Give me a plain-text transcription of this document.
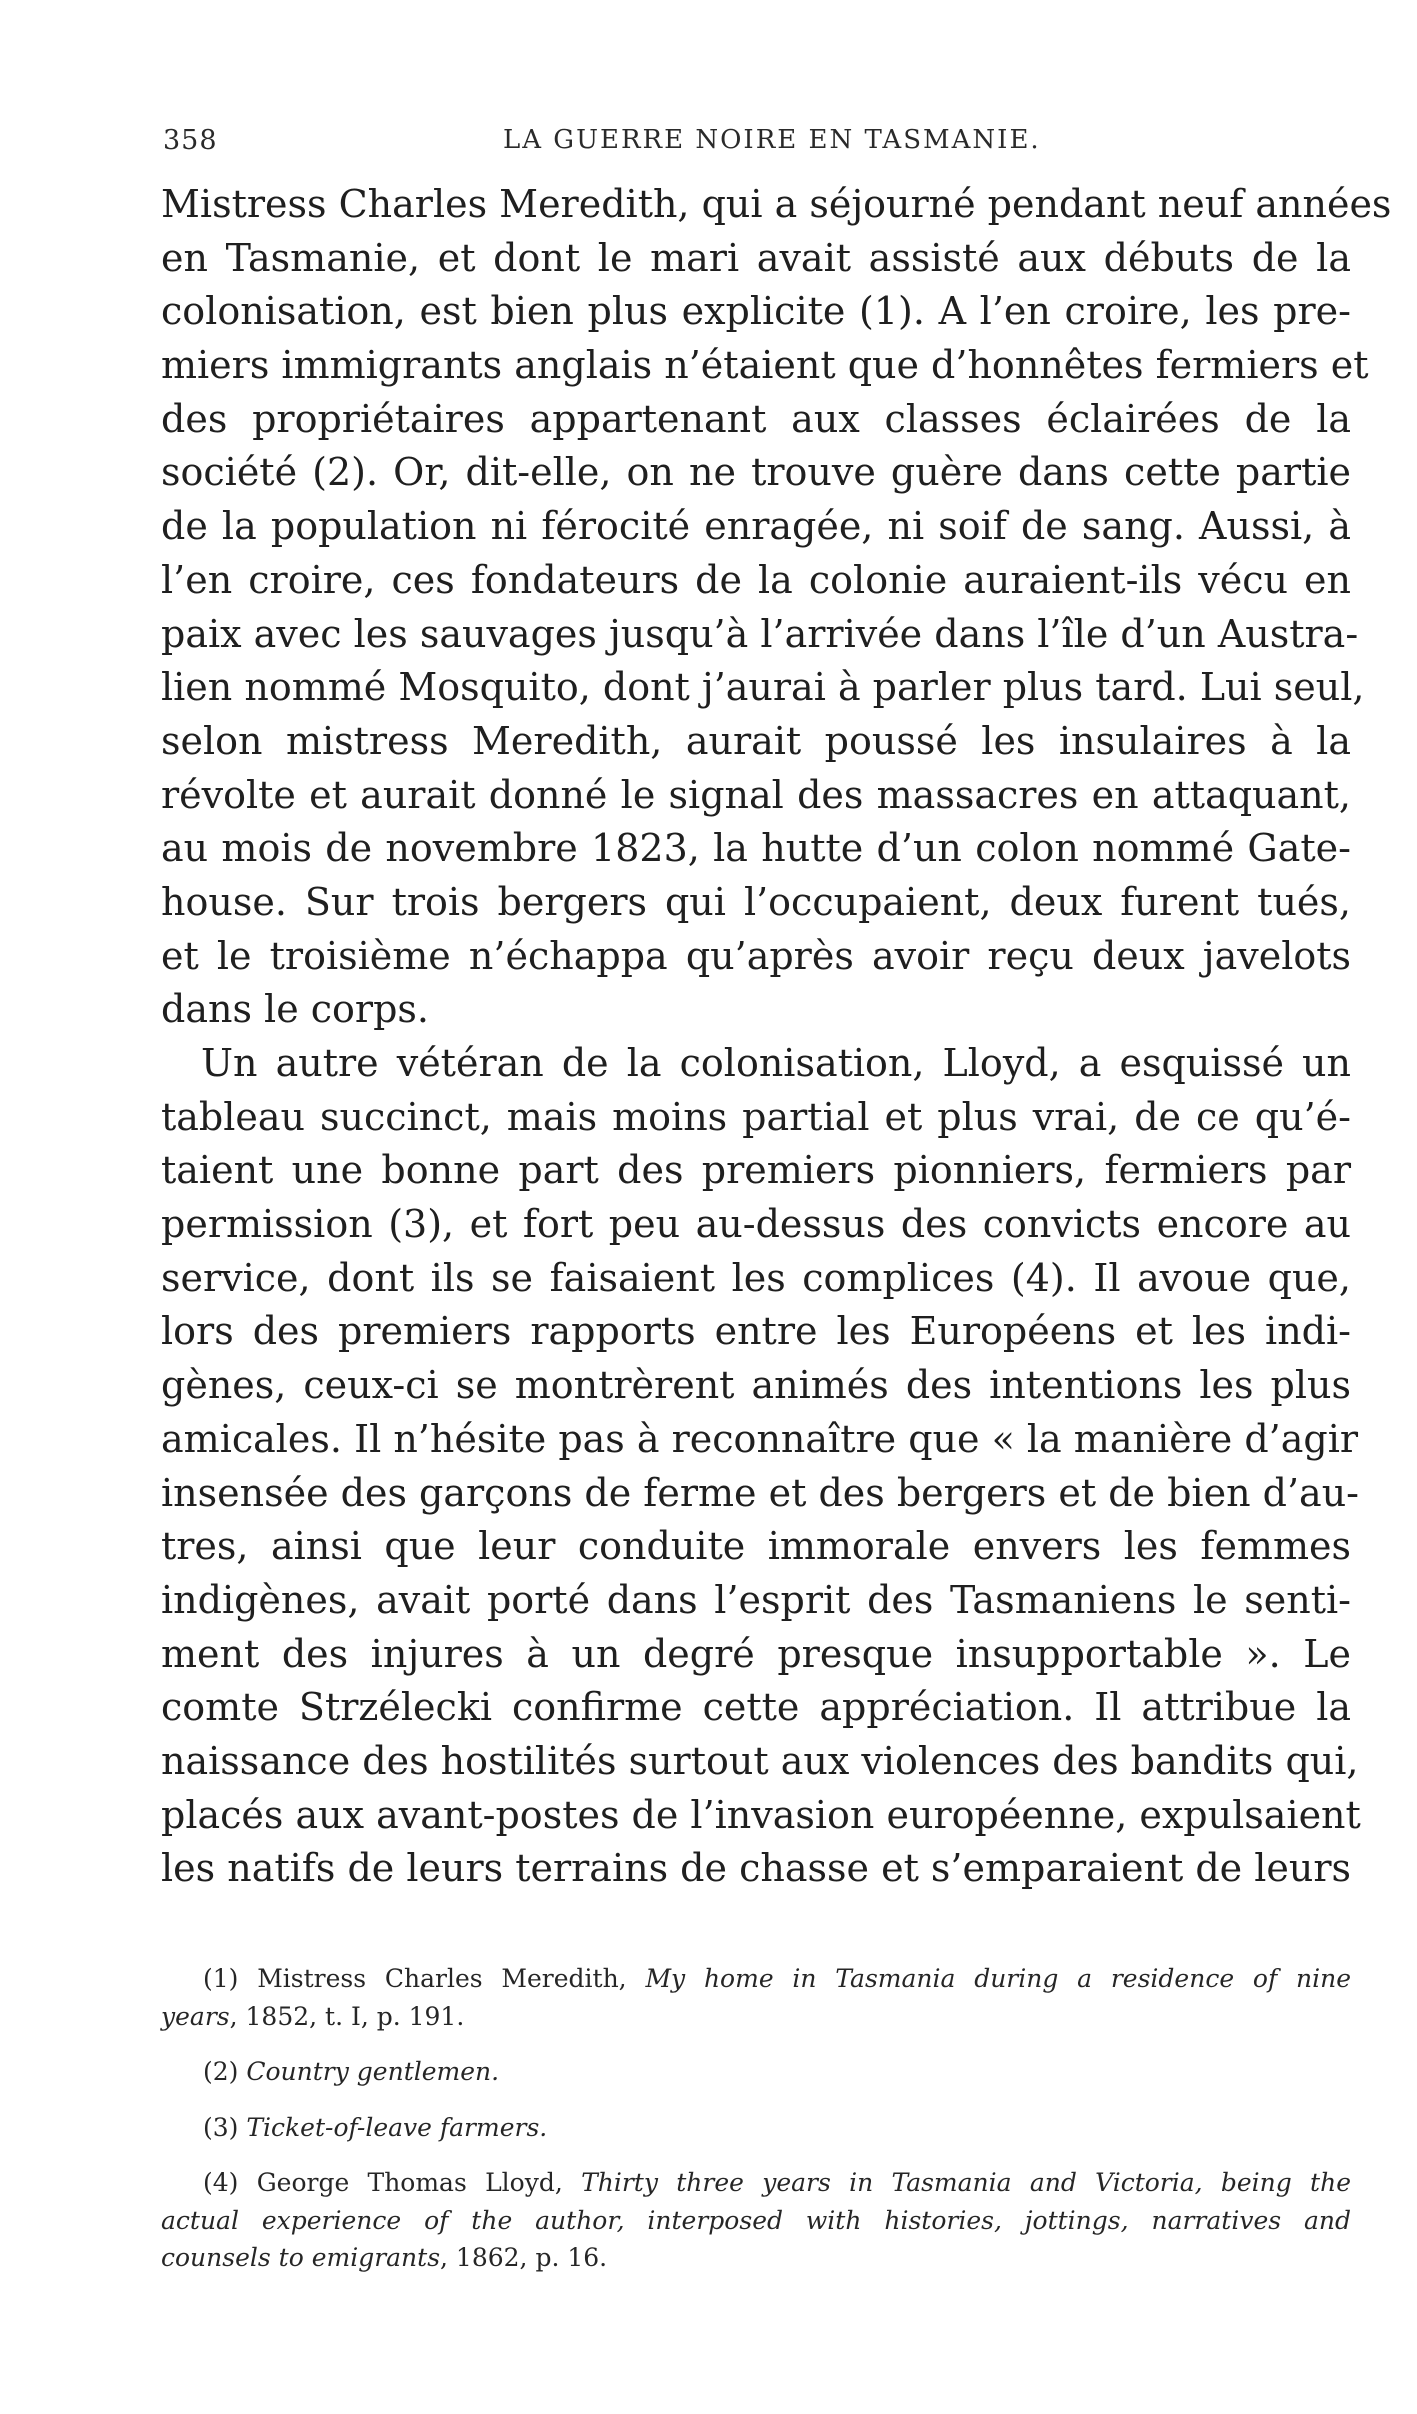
358	LA GUERRE NOIRE EN TASMANIE.
Mistress Charles Meredith, qui a séjourné pendant neuf années
en Tasmanie, et dont le mari avait assisté aux débuts de la
colonisation, est bien plus explicite (1). A l’en croire, les pre-
miers immigrants anglais n’étaient que d’honnêtes fermiers et
des propriétaires appartenant aux classes éclairées de la
société (2). Or, dit-elle, on ne trouve guère dans cette partie
de la population ni férocité enragée, ni soif de sang. Aussi, à
l’en croire, ces fondateurs de la colonie auraient-ils vécu en
paix avec les sauvages jusqu’à l’arrivée dans l’île d’un Austra-
lien nommé Mosquito, dont j’aurai à parler plus tard. Lui seul,
selon mistress Meredith, aurait poussé les insulaires à la
révolte et aurait donné le signal des massacres en attaquant,
au mois de novembre 1823, la hutte d’un colon nommé Gate-
house. Sur trois bergers qui l’occupaient, deux furent tués,
et le troisième n’échappa qu’après avoir reçu deux javelots
dans le corps.
Un autre vétéran de la colonisation, Lloyd, a esquissé un
tableau succinct, mais moins partial et plus vrai, de ce qu’é-
taient une bonne part des premiers pionniers, fermiers par
permission (3), et fort peu au-dessus des convicts encore au
service, dont ils se faisaient les complices (4). Il avoue que,
lors des premiers rapports entre les Européens et les indi-
gènes, ceux-ci se montrèrent animés des intentions les plus
amicales. Il n’hésite pas à reconnaître que « la manière d’agir
insensée des garçons de ferme et des bergers et de bien d’au-
tres, ainsi que leur conduite immorale envers les femmes
indigènes, avait porté dans l’esprit des Tasmaniens le senti-
ment des injures à un degré presque insupportable ». Le
comte Strzélecki confirme cette appréciation. Il attribue la
naissance des hostilités surtout aux violences des bandits qui,
placés aux avant-postes de l’invasion européenne, expulsaient
les natifs de leurs terrains de chasse et s’emparaient de leurs
(1) Mistress Charles Meredith, My home in Tasmania during a residence of nine
years, 1852, t. I, p. 191.
(2) Country gentlemen.
(3) Ticket-of-leave farmers.
(4) George Thomas Lloyd, Thirty three years in Tasmania and Victoria, being the
actual experience of the author, interposed with histories, jottings, narratives and
counsels to emigrants, 1862, p. 16.
